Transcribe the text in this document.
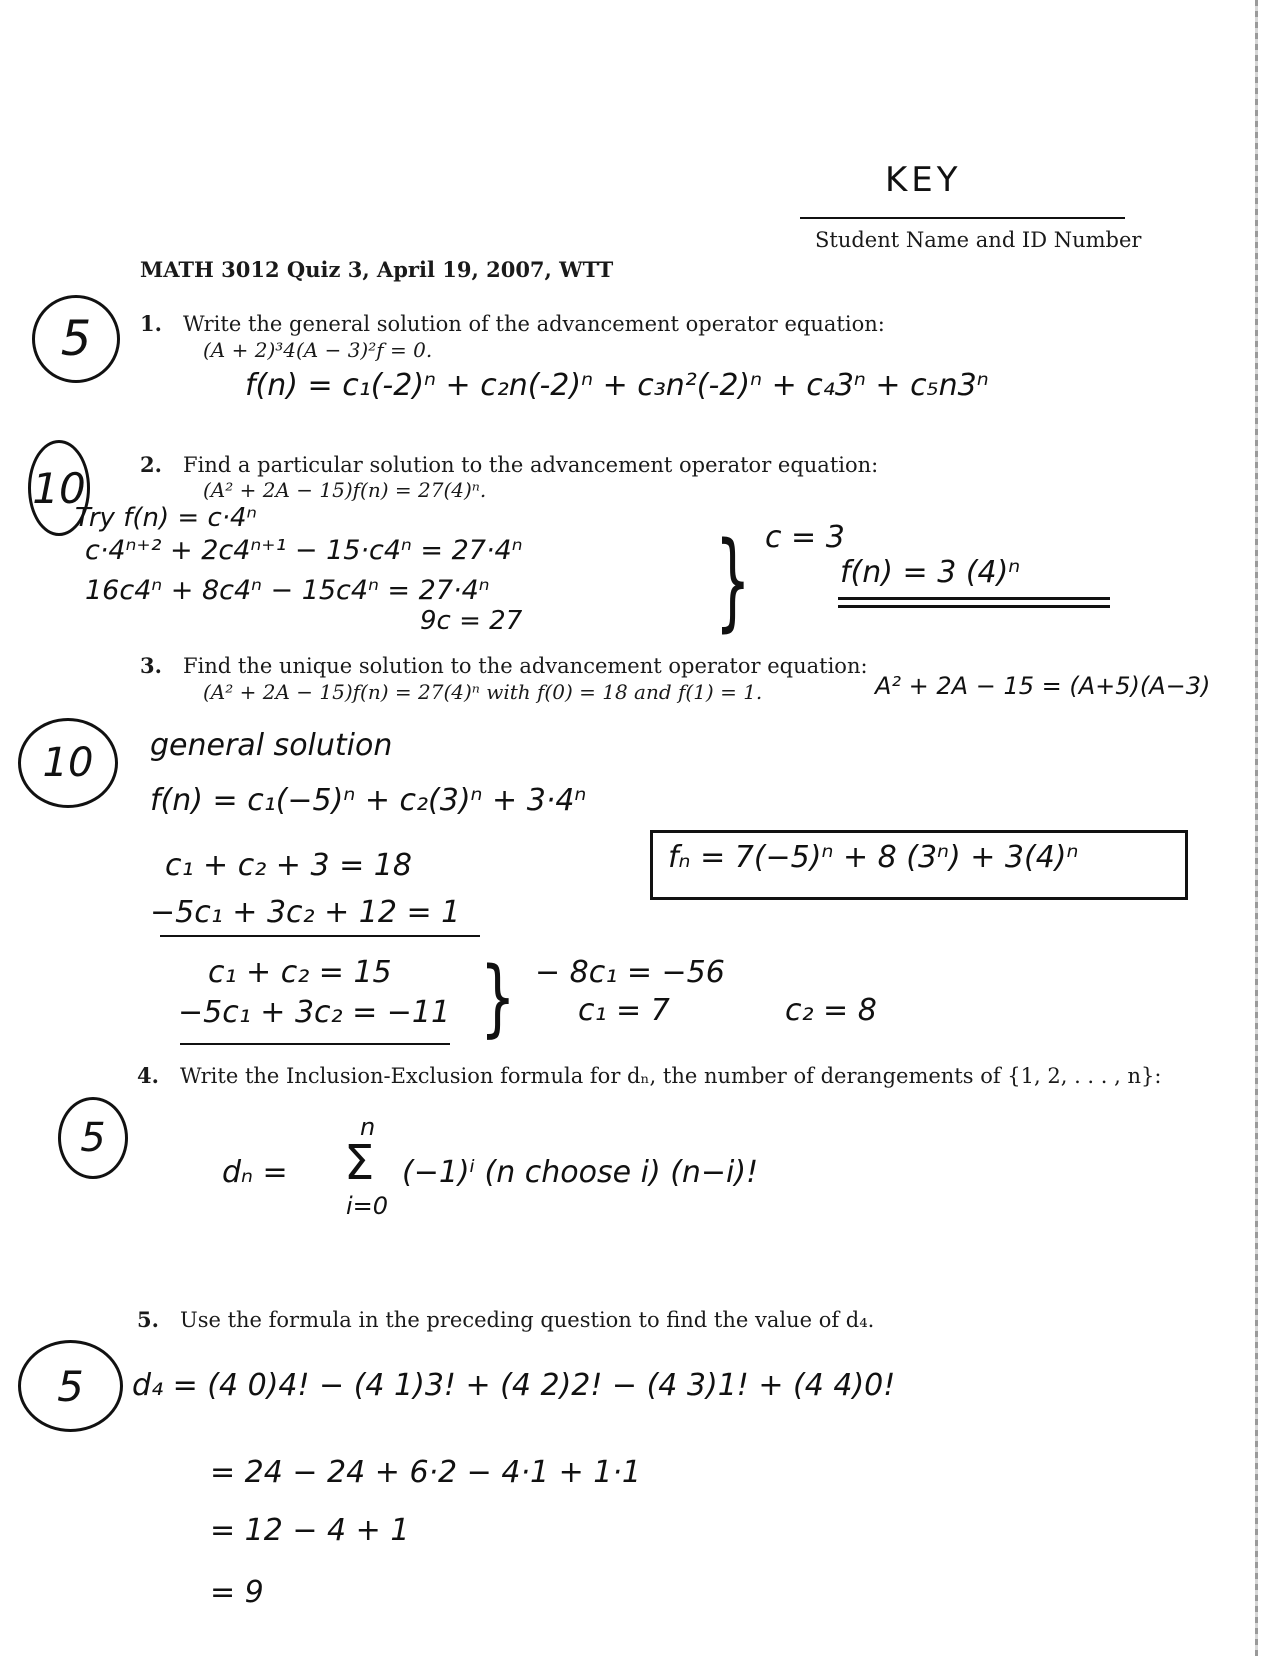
KEY
Student Name and ID Number
MATH 3012 Quiz 3, April 19, 2007, WTT
5	1. Write the general solution of the advancement operator equation:
(A + 2)³4(A − 3)²f = 0.
f(n) = c₁(-2)ⁿ + c₂n(-2)ⁿ + c₃n²(-2)ⁿ + c₄3ⁿ + c₅n3ⁿ
10	2. Find a particular solution to the advancement operator equation:
(A² + 2A − 15)f(n) = 27(4)ⁿ.
Try f(n) = c·4ⁿ
c·4ⁿ⁺² + 2c4ⁿ⁺¹ − 15·c4ⁿ = 27·4ⁿ
16c4ⁿ + 8c4ⁿ − 15c4ⁿ = 27·4ⁿ
9c = 27	} c = 3
f(n) = 3 (4)ⁿ
3. Find the unique solution to the advancement operator equation:
(A² + 2A − 15)f(n) = 27(4)ⁿ with f(0) = 18 and f(1) = 1.	A² + 2A − 15 = (A+5)(A−3)
10	general solution
f(n) = c₁(−5)ⁿ + c₂(3)ⁿ + 3·4ⁿ
c₁ + c₂ + 3 = 18
−5c₁ + 3c₂ + 12 = 1
c₁ + c₂ = 15
−5c₁ + 3c₂ = −11 } − 8c₁ = −56
c₁ = 7	c₂ = 8
fₙ = 7(−5)ⁿ + 8 (3ⁿ) + 3(4)ⁿ
4. Write the Inclusion-Exclusion formula for dₙ, the number of derangements of {1, 2, . . . , n}:
5
dₙ =
n
Σ
i=0
(−1)ⁱ (n choose i) (n−i)!
5. Use the formula in the preceding question to find the value of d₄.
5	d₄ = (4 0)4! − (4 1)3! + (4 2)2! − (4 3)1! + (4 4)0!
= 24 − 24 + 6·2 − 4·1 + 1·1
= 12 − 4 + 1
= 9
